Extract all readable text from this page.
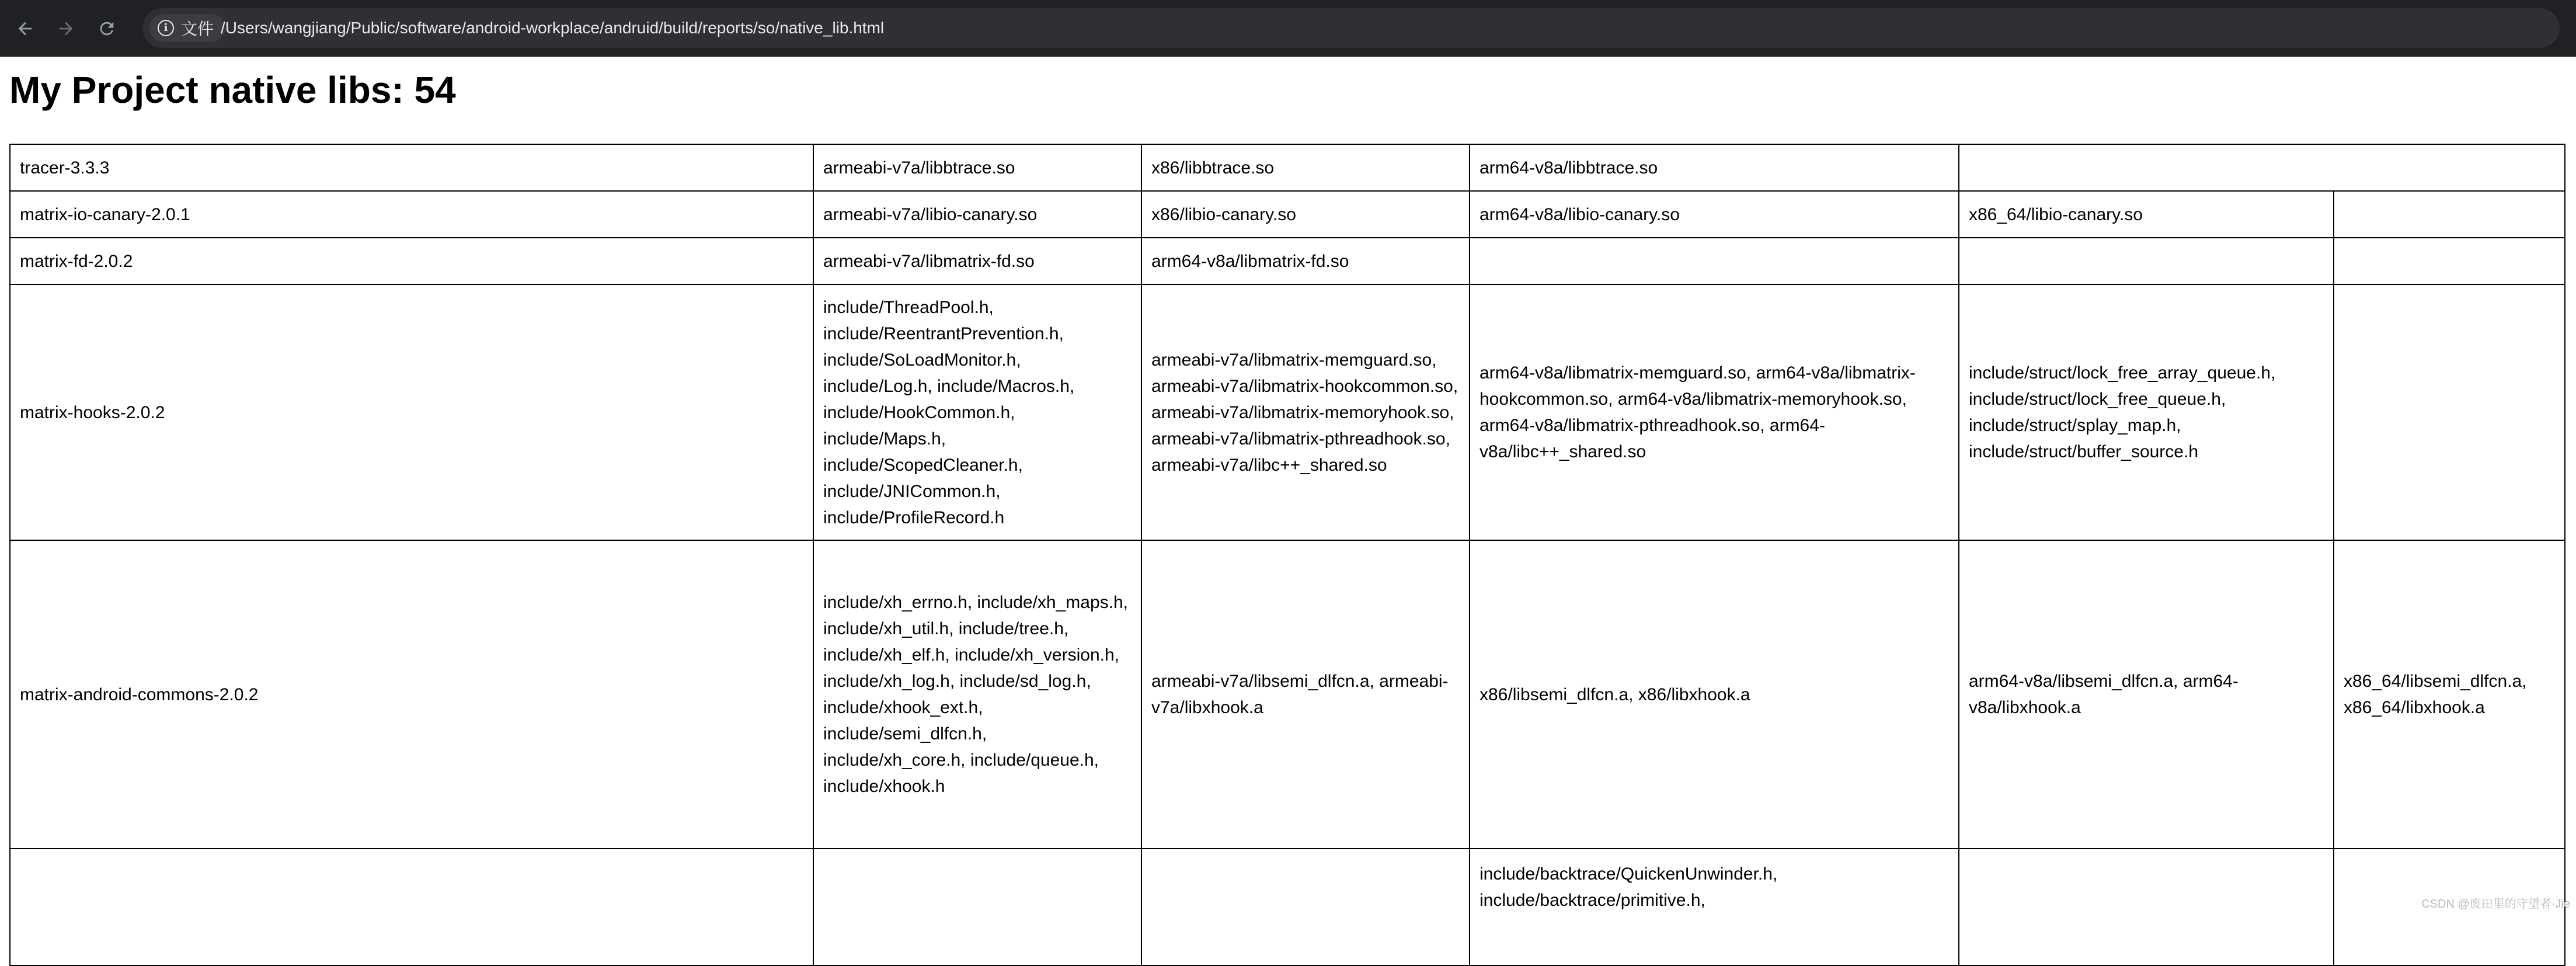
i 文件 /Users/wangjiang/Public/software/android-workplace/andruid/build/reports/so/native_lib.html
My Project native libs: 54
tracer-3.3.3	armeabi-v7a/libbtrace.so	x86/libbtrace.so	arm64-v8a/libbtrace.so		
matrix-io-canary-2.0.1	armeabi-v7a/libio-canary.so	x86/libio-canary.so	arm64-v8a/libio-canary.so	x86_64/libio-canary.so	
matrix-fd-2.0.2	armeabi-v7a/libmatrix-fd.so	arm64-v8a/libmatrix-fd.so			
matrix-hooks-2.0.2	include/ThreadPool.h, include/ReentrantPrevention.h, include/SoLoadMonitor.h, include/Log.h, include/Macros.h, include/HookCommon.h, include/Maps.h, include/ScopedCleaner.h, include/JNICommon.h, include/ProfileRecord.h	armeabi-v7a/libmatrix-memguard.so, armeabi-v7a/libmatrix-hookcommon.so, armeabi-v7a/libmatrix-memoryhook.so, armeabi-v7a/libmatrix-pthreadhook.so, armeabi-v7a/libc++_shared.so	arm64-v8a/libmatrix-memguard.so, arm64-v8a/libmatrix-hookcommon.so, arm64-v8a/libmatrix-memoryhook.so, arm64-v8a/libmatrix-pthreadhook.so, arm64-v8a/libc++_shared.so	include/struct/lock_free_array_queue.h, include/struct/lock_free_queue.h, include/struct/splay_map.h, include/struct/buffer_source.h	
matrix-android-commons-2.0.2	include/xh_errno.h, include/xh_maps.h, include/xh_util.h, include/tree.h, include/xh_elf.h, include/xh_version.h, include/xh_log.h, include/sd_log.h, include/xhook_ext.h, include/semi_dlfcn.h, include/xh_core.h, include/queue.h, include/xhook.h	armeabi-v7a/libsemi_dlfcn.a, armeabi-v7a/libxhook.a	x86/libsemi_dlfcn.a, x86/libxhook.a	arm64-v8a/libsemi_dlfcn.a, arm64-v8a/libxhook.a	x86_64/libsemi_dlfcn.a, x86_64/libxhook.a
			include/backtrace/QuickenUnwinder.h, include/backtrace/primitive.h,			CSDN @废田里的守望者·Jie
